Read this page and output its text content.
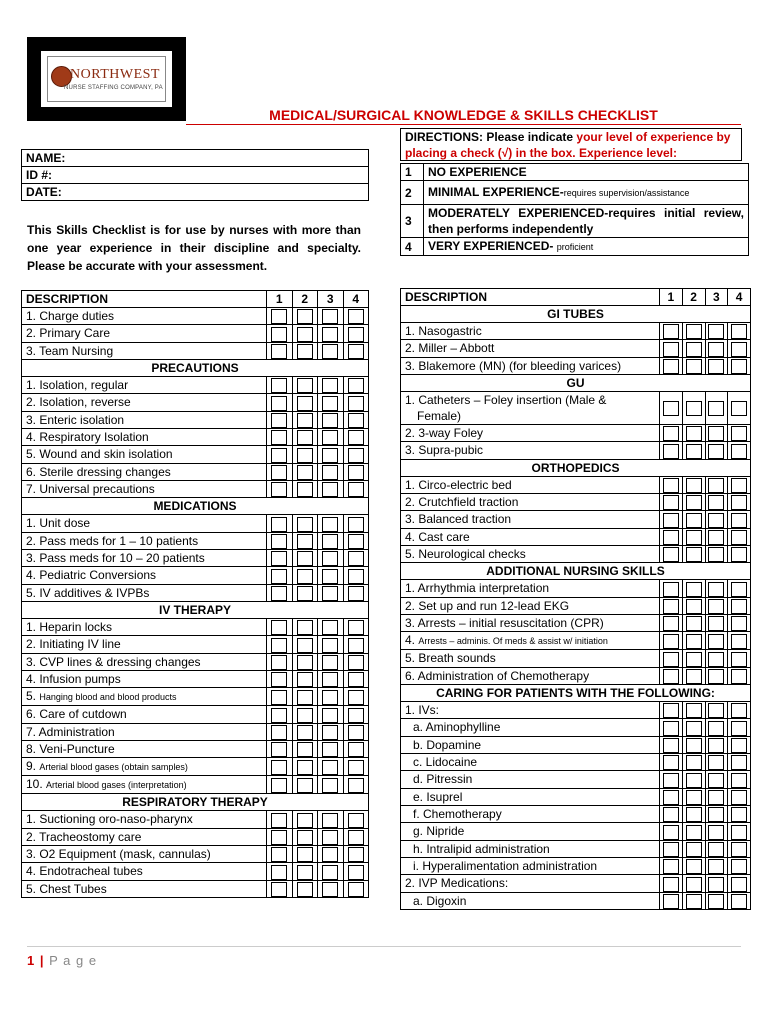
NORTHWEST
NURSE STAFFING COMPANY, PA
MEDICAL/SURGICAL KNOWLEDGE & SKILLS CHECKLIST
NAME:
ID #:
DATE:
This Skills Checklist is for use by nurses with more than one year experience in their discipline and specialty. Please be accurate with your assessment.
DIRECTIONS: Please indicate your level of experience by placing a check (√) in the box. Experience level:
1	NO EXPERIENCE
2	MINIMAL EXPERIENCE-requires supervision/assistance
3	MODERATELY EXPERIENCED-requires initial review, then performs independently
4	VERY EXPERIENCED- proficient
DESCRIPTION	1	2	3	4
1. Charge duties				
2. Primary Care				
3. Team Nursing				
PRECAUTIONS				
1. Isolation, regular				
2. Isolation, reverse				
3. Enteric isolation				
4. Respiratory Isolation				
5. Wound and skin isolation				
6. Sterile dressing changes				
7. Universal precautions				
MEDICATIONS				
1. Unit dose				
2. Pass meds for 1 – 10 patients				
3. Pass meds for 10 – 20 patients				
4. Pediatric Conversions				
5. IV additives & IVPBs				
IV THERAPY				
1. Heparin locks				
2. Initiating IV line				
3. CVP lines & dressing changes				
4. Infusion pumps				
5. Hanging blood and blood products				
6. Care of cutdown				
7. Administration				
8. Veni-Puncture				
9. Arterial blood gases (obtain samples)				
10. Arterial blood gases (interpretation)				
RESPIRATORY THERAPY				
1. Suctioning oro-naso-pharynx				
2. Tracheostomy care				
3. O2 Equipment (mask, cannulas)				
4. Endotracheal tubes				
5. Chest Tubes				
DESCRIPTION	1	2	3	4
GI TUBES				
1. Nasogastric				
2. Miller – Abbott				
3. Blakemore (MN) (for bleeding varices)				
GU				

1. Catheters – Foley insertion (Male &
Female)				

2. 3-way Foley				
3. Supra-pubic				
ORTHOPEDICS				
1. Circo-electric bed				
2. Crutchfield traction				
3. Balanced traction				
4. Cast care				
5. Neurological checks				
ADDITIONAL NURSING SKILLS				
1. Arrhythmia interpretation				
2. Set up and run 12-lead EKG				
3. Arrests – initial resuscitation (CPR)				
4. Arrests – adminis. Of meds & assist w/ initiation				
5. Breath sounds				
6. Administration of Chemotherapy				
CARING FOR PATIENTS WITH THE FOLLOWING:				
1. IVs:				
a. Aminophylline				
b. Dopamine				
c. Lidocaine				
d. Pitressin				
e. Isuprel				
f. Chemotherapy				
g. Nipride				
h. Intralipid administration				
i. Hyperalimentation administration				
2. IVP Medications:				
a. Digoxin				
1 | P a g e
